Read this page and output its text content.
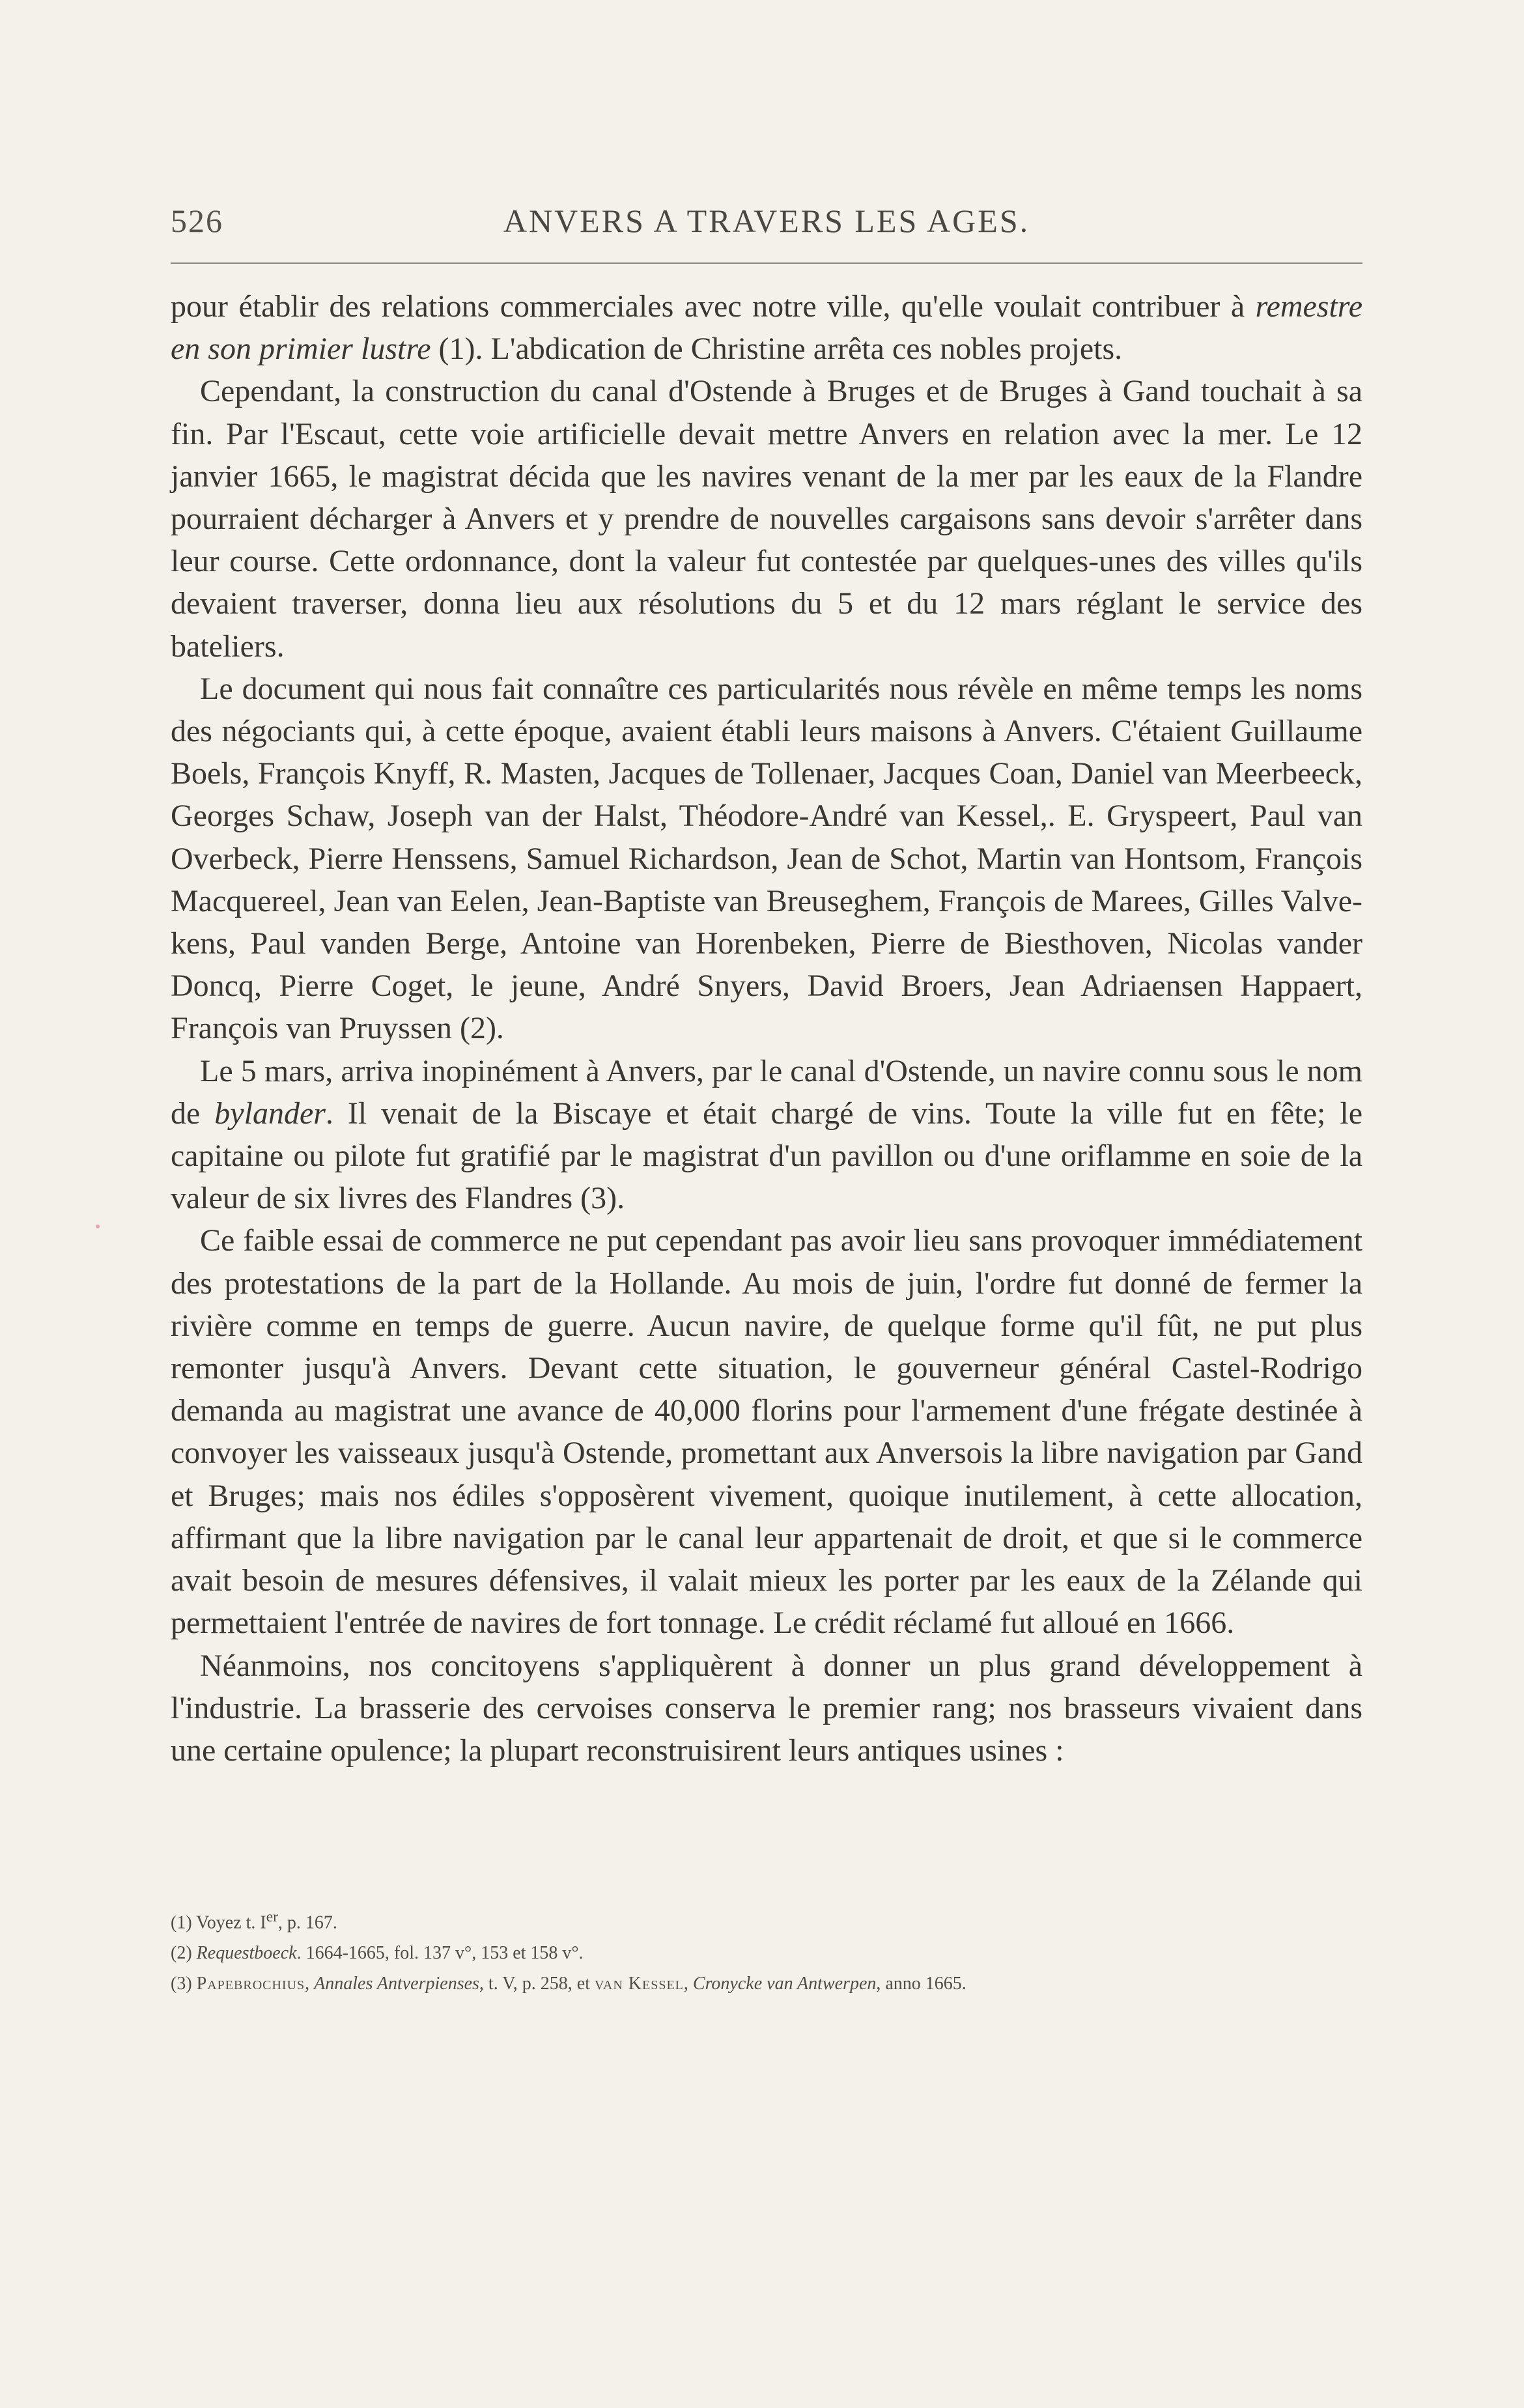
526	ANVERS A TRAVERS LES AGES.

pour établir des relations commerciales avec notre ville, qu'elle voulait contribuer à remestre en son primier lustre (1). L'abdication de Christine arrêta ces nobles projets.

Cependant, la construction du canal d'Ostende à Bruges et de Bruges à Gand touchait à sa fin. Par l'Escaut, cette voie artificielle devait mettre Anvers en relation avec la mer. Le 12 janvier 1665, le magistrat décida que les navires venant de la mer par les eaux de la Flandre pourraient décharger à Anvers et y prendre de nouvelles cargaisons sans devoir s'arrêter dans leur course. Cette ordonnance, dont la valeur fut contestée par quelques-unes des villes qu'ils devaient traverser, donna lieu aux résolutions du 5 et du 12 mars réglant le service des bateliers.

Le document qui nous fait connaître ces particularités nous révèle en même temps les noms des négociants qui, à cette époque, avaient établi leurs maisons à Anvers. C'étaient Guillaume Boels, François Knyff, R. Masten, Jacques de Tollenaer, Jacques Coan, Daniel van Meerbeeck, Georges Schaw, Joseph van der Halst, Théodore-André van Kessel,. E. Gryspeert, Paul van Overbeck, Pierre Henssens, Samuel Richardson, Jean de Schot, Martin van Hontsom, François Macquereel, Jean van Eelen, Jean-Baptiste van Breuseghem, François de Marees, Gilles Valvekens, Paul vanden Berge, Antoine van Horenbeken, Pierre de Biesthoven, Nicolas vander Doncq, Pierre Coget, le jeune, André Snyers, David Broers, Jean Adriaensen Happaert, François van Pruyssen (2).

Le 5 mars, arriva inopinément à Anvers, par le canal d'Ostende, un navire connu sous le nom de bylander. Il venait de la Biscaye et était chargé de vins. Toute la ville fut en fête; le capitaine ou pilote fut gratifié par le magistrat d'un pavillon ou d'une oriflamme en soie de la valeur de six livres des Flandres (3).

Ce faible essai de commerce ne put cependant pas avoir lieu sans provoquer immédiatement des protestations de la part de la Hollande. Au mois de juin, l'ordre fut donné de fermer la rivière comme en temps de guerre. Aucun navire, de quelque forme qu'il fût, ne put plus remonter jusqu'à Anvers. Devant cette situation, le gouverneur général Castel-Rodrigo demanda au magistrat une avance de 40,000 florins pour l'armement d'une frégate destinée à convoyer les vaisseaux jusqu'à Ostende, promettant aux Anversois la libre navigation par Gand et Bruges; mais nos édiles s'opposèrent vivement, quoique inutilement, à cette allocation, affirmant que la libre navigation par le canal leur appartenait de droit, et que si le commerce avait besoin de mesures défensives, il valait mieux les porter par les eaux de la Zélande qui permettaient l'entrée de navires de fort tonnage. Le crédit réclamé fut alloué en 1666.

Néanmoins, nos concitoyens s'appliquèrent à donner un plus grand développement à l'industrie. La brasserie des cervoises conserva le premier rang; nos brasseurs vivaient dans une certaine opulence; la plupart reconstruisirent leurs antiques usines :

(1) Voyez t. Ier, p. 167.
(2) Requestboeck. 1664-1665, fol. 137 v°, 153 et 158 v°.
(3) Papebrochius, Annales Antverpienses, t. V, p. 258, et van Kessel, Cronycke van Antwerpen, anno 1665.
